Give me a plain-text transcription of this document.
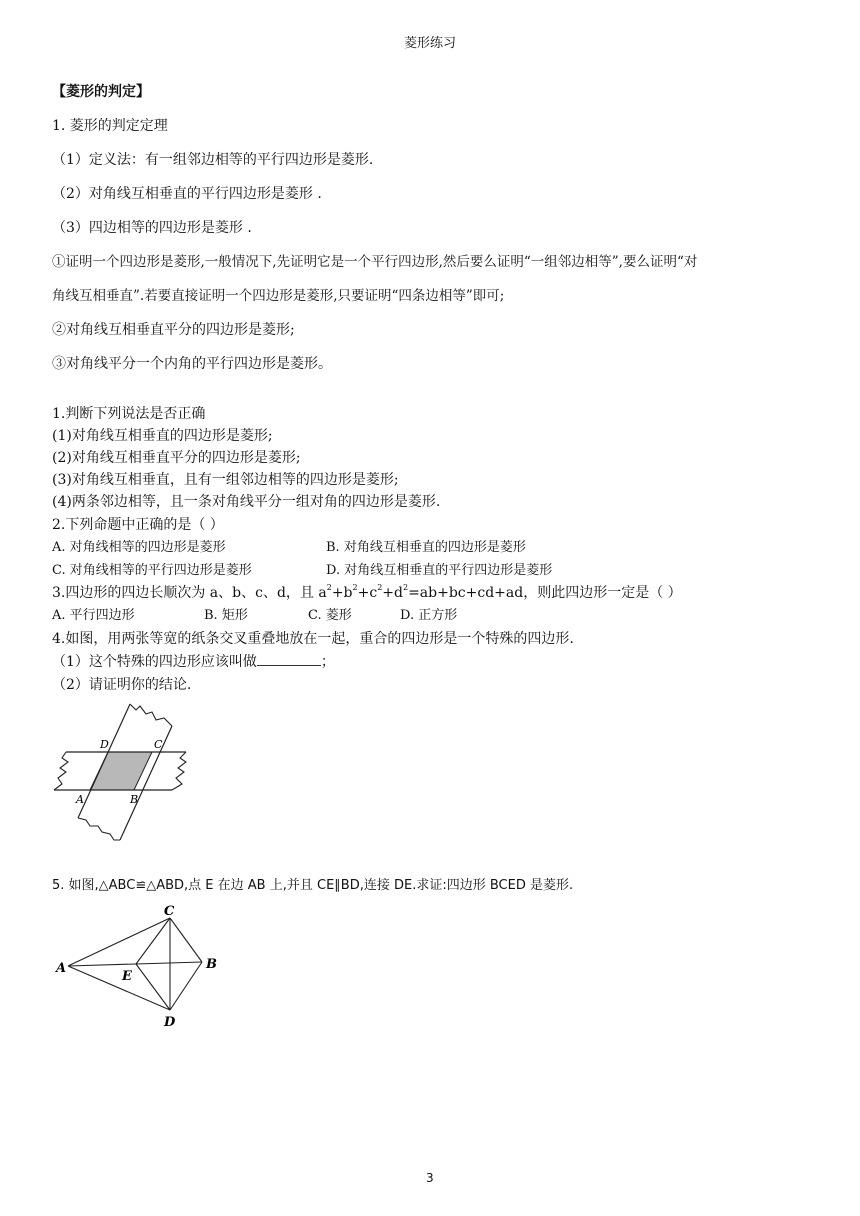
菱形练习
【菱形的判定】
1. 菱形的判定定理
（1）定义法：有一组邻边相等的平行四边形是菱形.
（2）对角线互相垂直的平行四边形是菱形 .
（3）四边相等的四边形是菱形 .
①证明一个四边形是菱形,一般情况下,先证明它是一个平行四边形,然后要么证明“一组邻边相等”,要么证明“对
角线互相垂直”.若要直接证明一个四边形是菱形,只要证明“四条边相等”即可;
②对角线互相垂直平分的四边形是菱形;
③对角线平分一个内角的平行四边形是菱形。
1.判断下列说法是否正确
(1)对角线互相垂直的四边形是菱形;
(2)对角线互相垂直平分的四边形是菱形;
(3)对角线互相垂直，且有一组邻边相等的四边形是菱形;
(4)两条邻边相等，且一条对角线平分一组对角的四边形是菱形.
2.下列命题中正确的是（ ）
A. 对角线相等的四边形是菱形	B. 对角线互相垂直的四边形是菱形
C. 对角线相等的平行四边形是菱形	D. 对角线互相垂直的平行四边形是菱形
3.四边形的四边长顺次为 a、b、c、d，且 $a^2+b^2+c^2+d^2=ab+bc+cd+ad$，则此四边形一定是（ ）
A. 平行四边形	B. 矩形	C. 菱形	D. 正方形
4.如图，用两张等宽的纸条交叉重叠地放在一起，重合的四边形是一个特殊的四边形.
（1）这个特殊的四边形应该叫做	；
（2）请证明你的结论.
D	C
A	B
5. 如图,△ABC≌△ABD,点 E 在边 AB 上,并且 CE∥BD,连接 DE.求证:四边形 BCED 是菱形.
A	B
C
D
E
3
